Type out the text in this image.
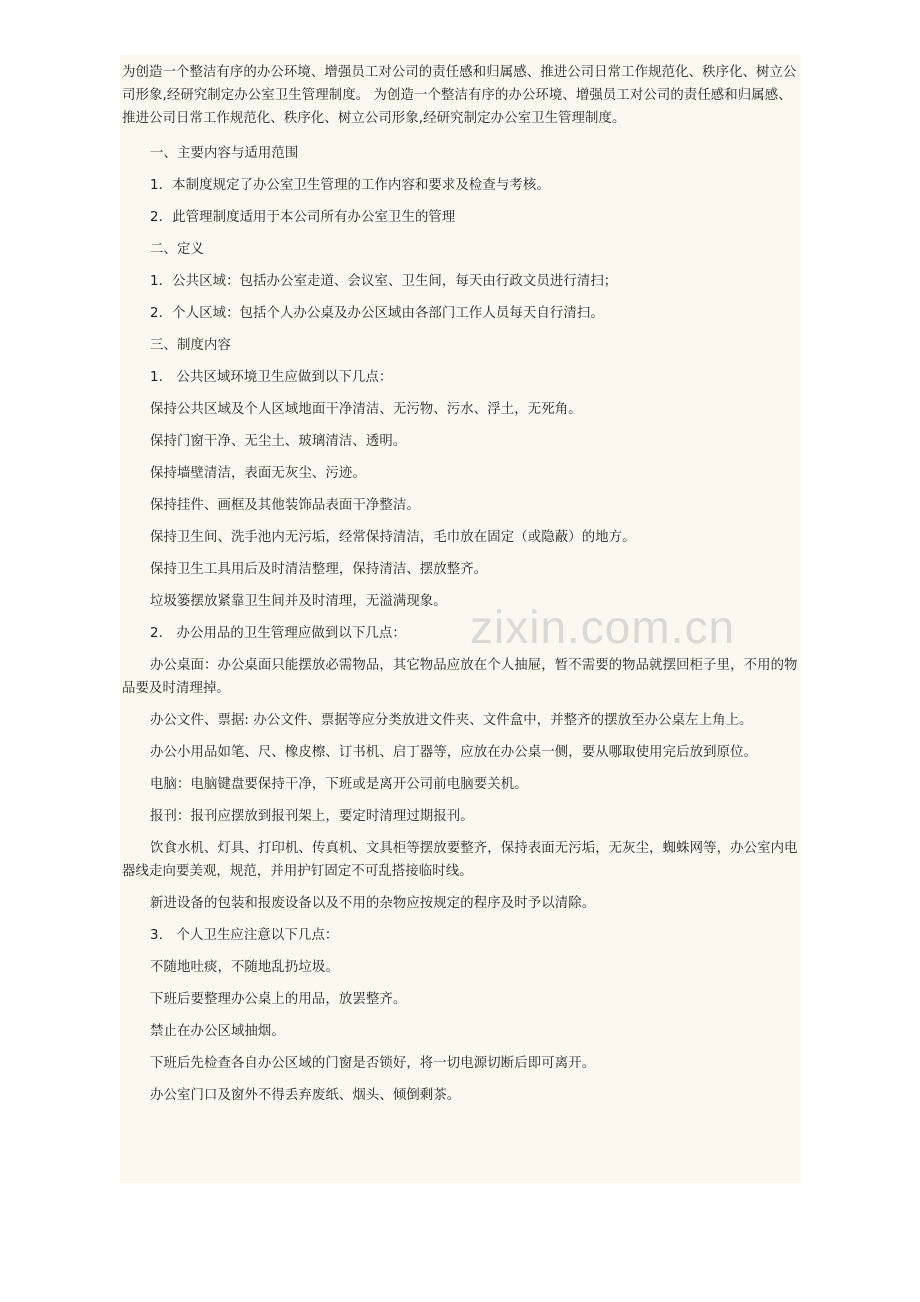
为创造一个整洁有序的办公环境、增强员工对公司的责任感和归属感、推进公司日常工作规范化、秩序化、树立公司形象,经研究制定办公室卫生管理制度。 为创造一个整洁有序的办公环境、增强员工对公司的责任感和归属感、推进公司日常工作规范化、秩序化、树立公司形象,经研究制定办公室卫生管理制度。

一、主要内容与适用范围

1．本制度规定了办公室卫生管理的工作内容和要求及检查与考核。

2．此管理制度适用于本公司所有办公室卫生的管理

二、定义

1．公共区域：包括办公室走道、会议室、卫生间，每天由行政文员进行清扫；

2．个人区域：包括个人办公桌及办公区域由各部门工作人员每天自行清扫。

三、制度内容

1.　公共区域环境卫生应做到以下几点：

保持公共区域及个人区域地面干净清洁、无污物、污水、浮土，无死角。

保持门窗干净、无尘土、玻璃清洁、透明。

保持墙壁清洁，表面无灰尘、污迹。

保持挂件、画框及其他装饰品表面干净整洁。

保持卫生间、洗手池内无污垢，经常保持清洁，毛巾放在固定（或隐蔽）的地方。

保持卫生工具用后及时清洁整理，保持清洁、摆放整齐。

垃圾篓摆放紧靠卫生间并及时清理，无溢满现象。

2.　办公用品的卫生管理应做到以下几点：

办公桌面：办公桌面只能摆放必需物品，其它物品应放在个人抽屉，暂不需要的物品就摆回柜子里，不用的物品要及时清理掉。

办公文件、票据: 办公文件、票据等应分类放进文件夹、文件盒中，并整齐的摆放至办公桌左上角上。

办公小用品如笔、尺、橡皮檫、订书机、启丁器等，应放在办公桌一侧，要从哪取使用完后放到原位。

电脑：电脑键盘要保持干净，下班或是离开公司前电脑要关机。

报刊：报刊应摆放到报刊架上，要定时清理过期报刊。

饮食水机、灯具、打印机、传真机、文具柜等摆放要整齐，保持表面无污垢，无灰尘，蜘蛛网等，办公室内电器线走向要美观，规范，并用护钉固定不可乱搭接临时线。

新进设备的包装和报废设备以及不用的杂物应按规定的程序及时予以清除。

3.　个人卫生应注意以下几点：

不随地吐痰，不随地乱扔垃圾。

下班后要整理办公桌上的用品，放罢整齐。

禁止在办公区域抽烟。

下班后先检查各自办公区域的门窗是否锁好，将一切电源切断后即可离开。

办公室门口及窗外不得丢弃废纸、烟头、倾倒剩茶。

zixin.com.cn
